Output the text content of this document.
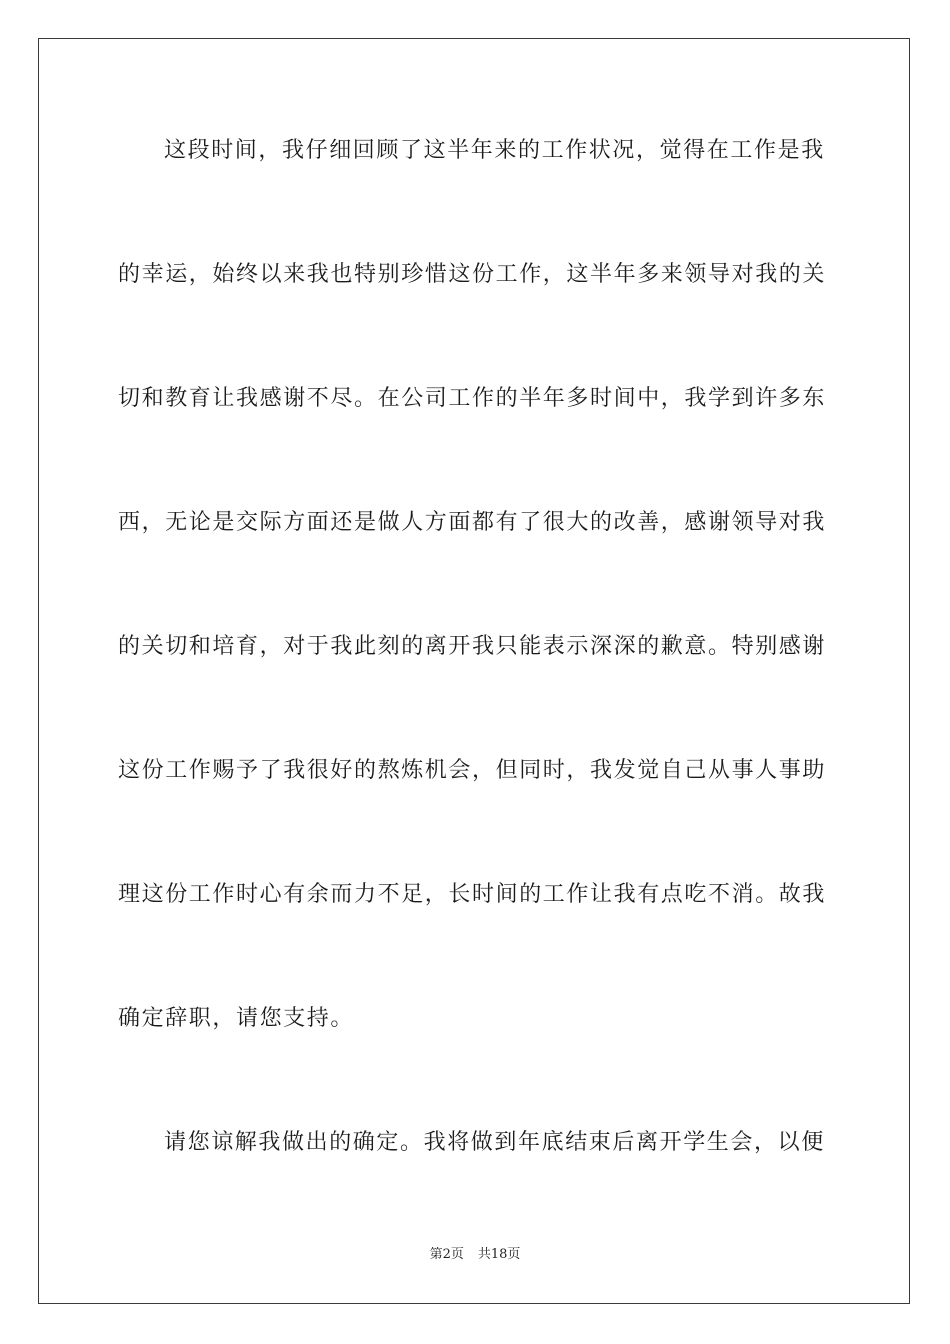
这段时间，我仔细回顾了这半年来的工作状况，觉得在工作是我
的幸运，始终以来我也特别珍惜这份工作，这半年多来领导对我的关
切和教育让我感谢不尽。在公司工作的半年多时间中，我学到许多东
西，无论是交际方面还是做人方面都有了很大的改善，感谢领导对我
的关切和培育，对于我此刻的离开我只能表示深深的歉意。特别感谢
这份工作赐予了我很好的熬炼机会，但同时，我发觉自己从事人事助
理这份工作时心有余而力不足，长时间的工作让我有点吃不消。故我
确定辞职，请您支持。
请您谅解我做出的确定。我将做到年底结束后离开学生会，以便
第2页 共18页
